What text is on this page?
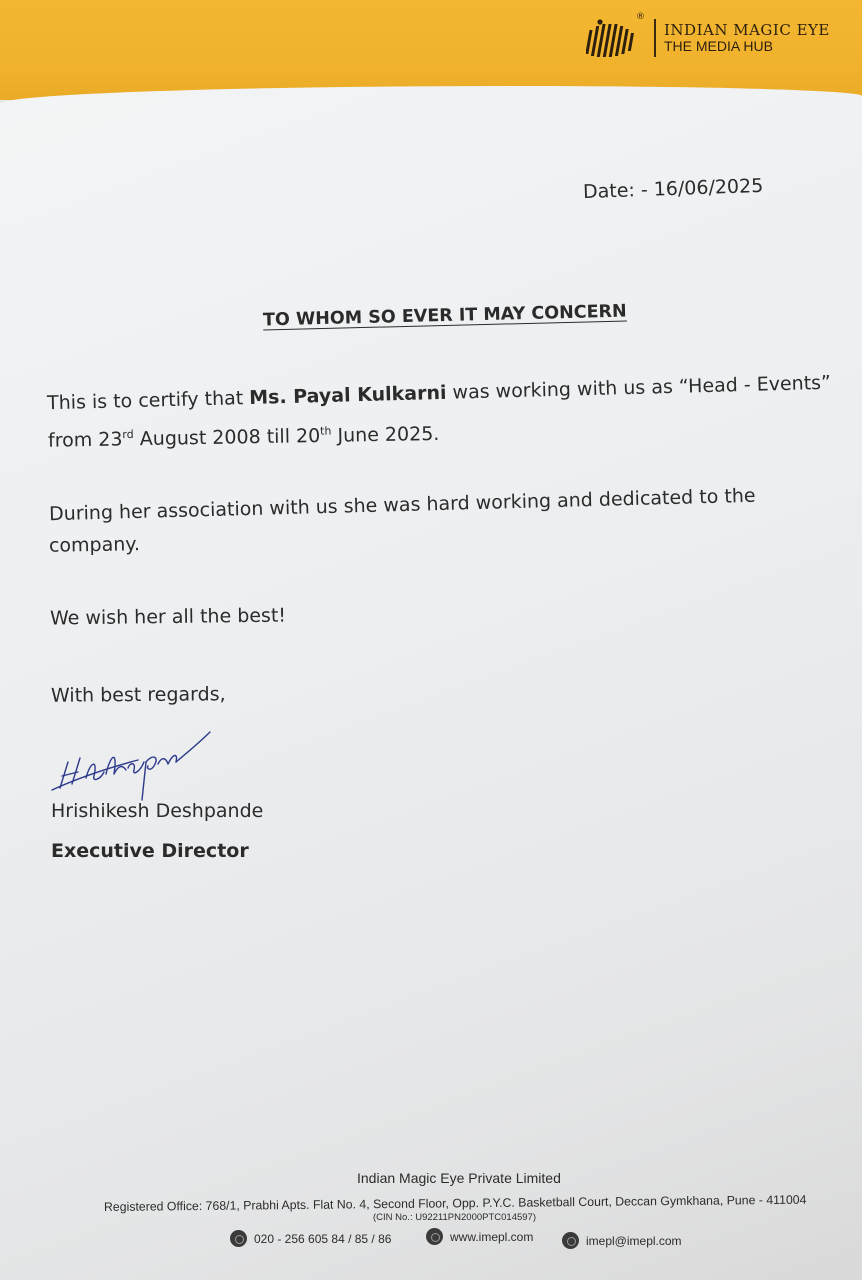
INDIAN MAGIC EYE
THE MEDIA HUB
®
Date: - 16/06/2025
TO WHOM SO EVER IT MAY CONCERN
This is to certify that Ms. Payal Kulkarni was working with us as “Head - Events”
from 23rd August 2008 till 20th June 2025.
During her association with us she was hard working and dedicated to the
company.
We wish her all the best!
With best regards,
Hrishikesh Deshpande
Executive Director
Indian Magic Eye Private Limited
Registered Office: 768/1, Prabhi Apts. Flat No. 4, Second Floor, Opp. P.Y.C. Basketball Court, Deccan Gymkhana, Pune - 411004
(CIN No.: U92211PN2000PTC014597)
020 - 256 605 84 / 85 / 86	www.imepl.com	imepl@imepl.com
